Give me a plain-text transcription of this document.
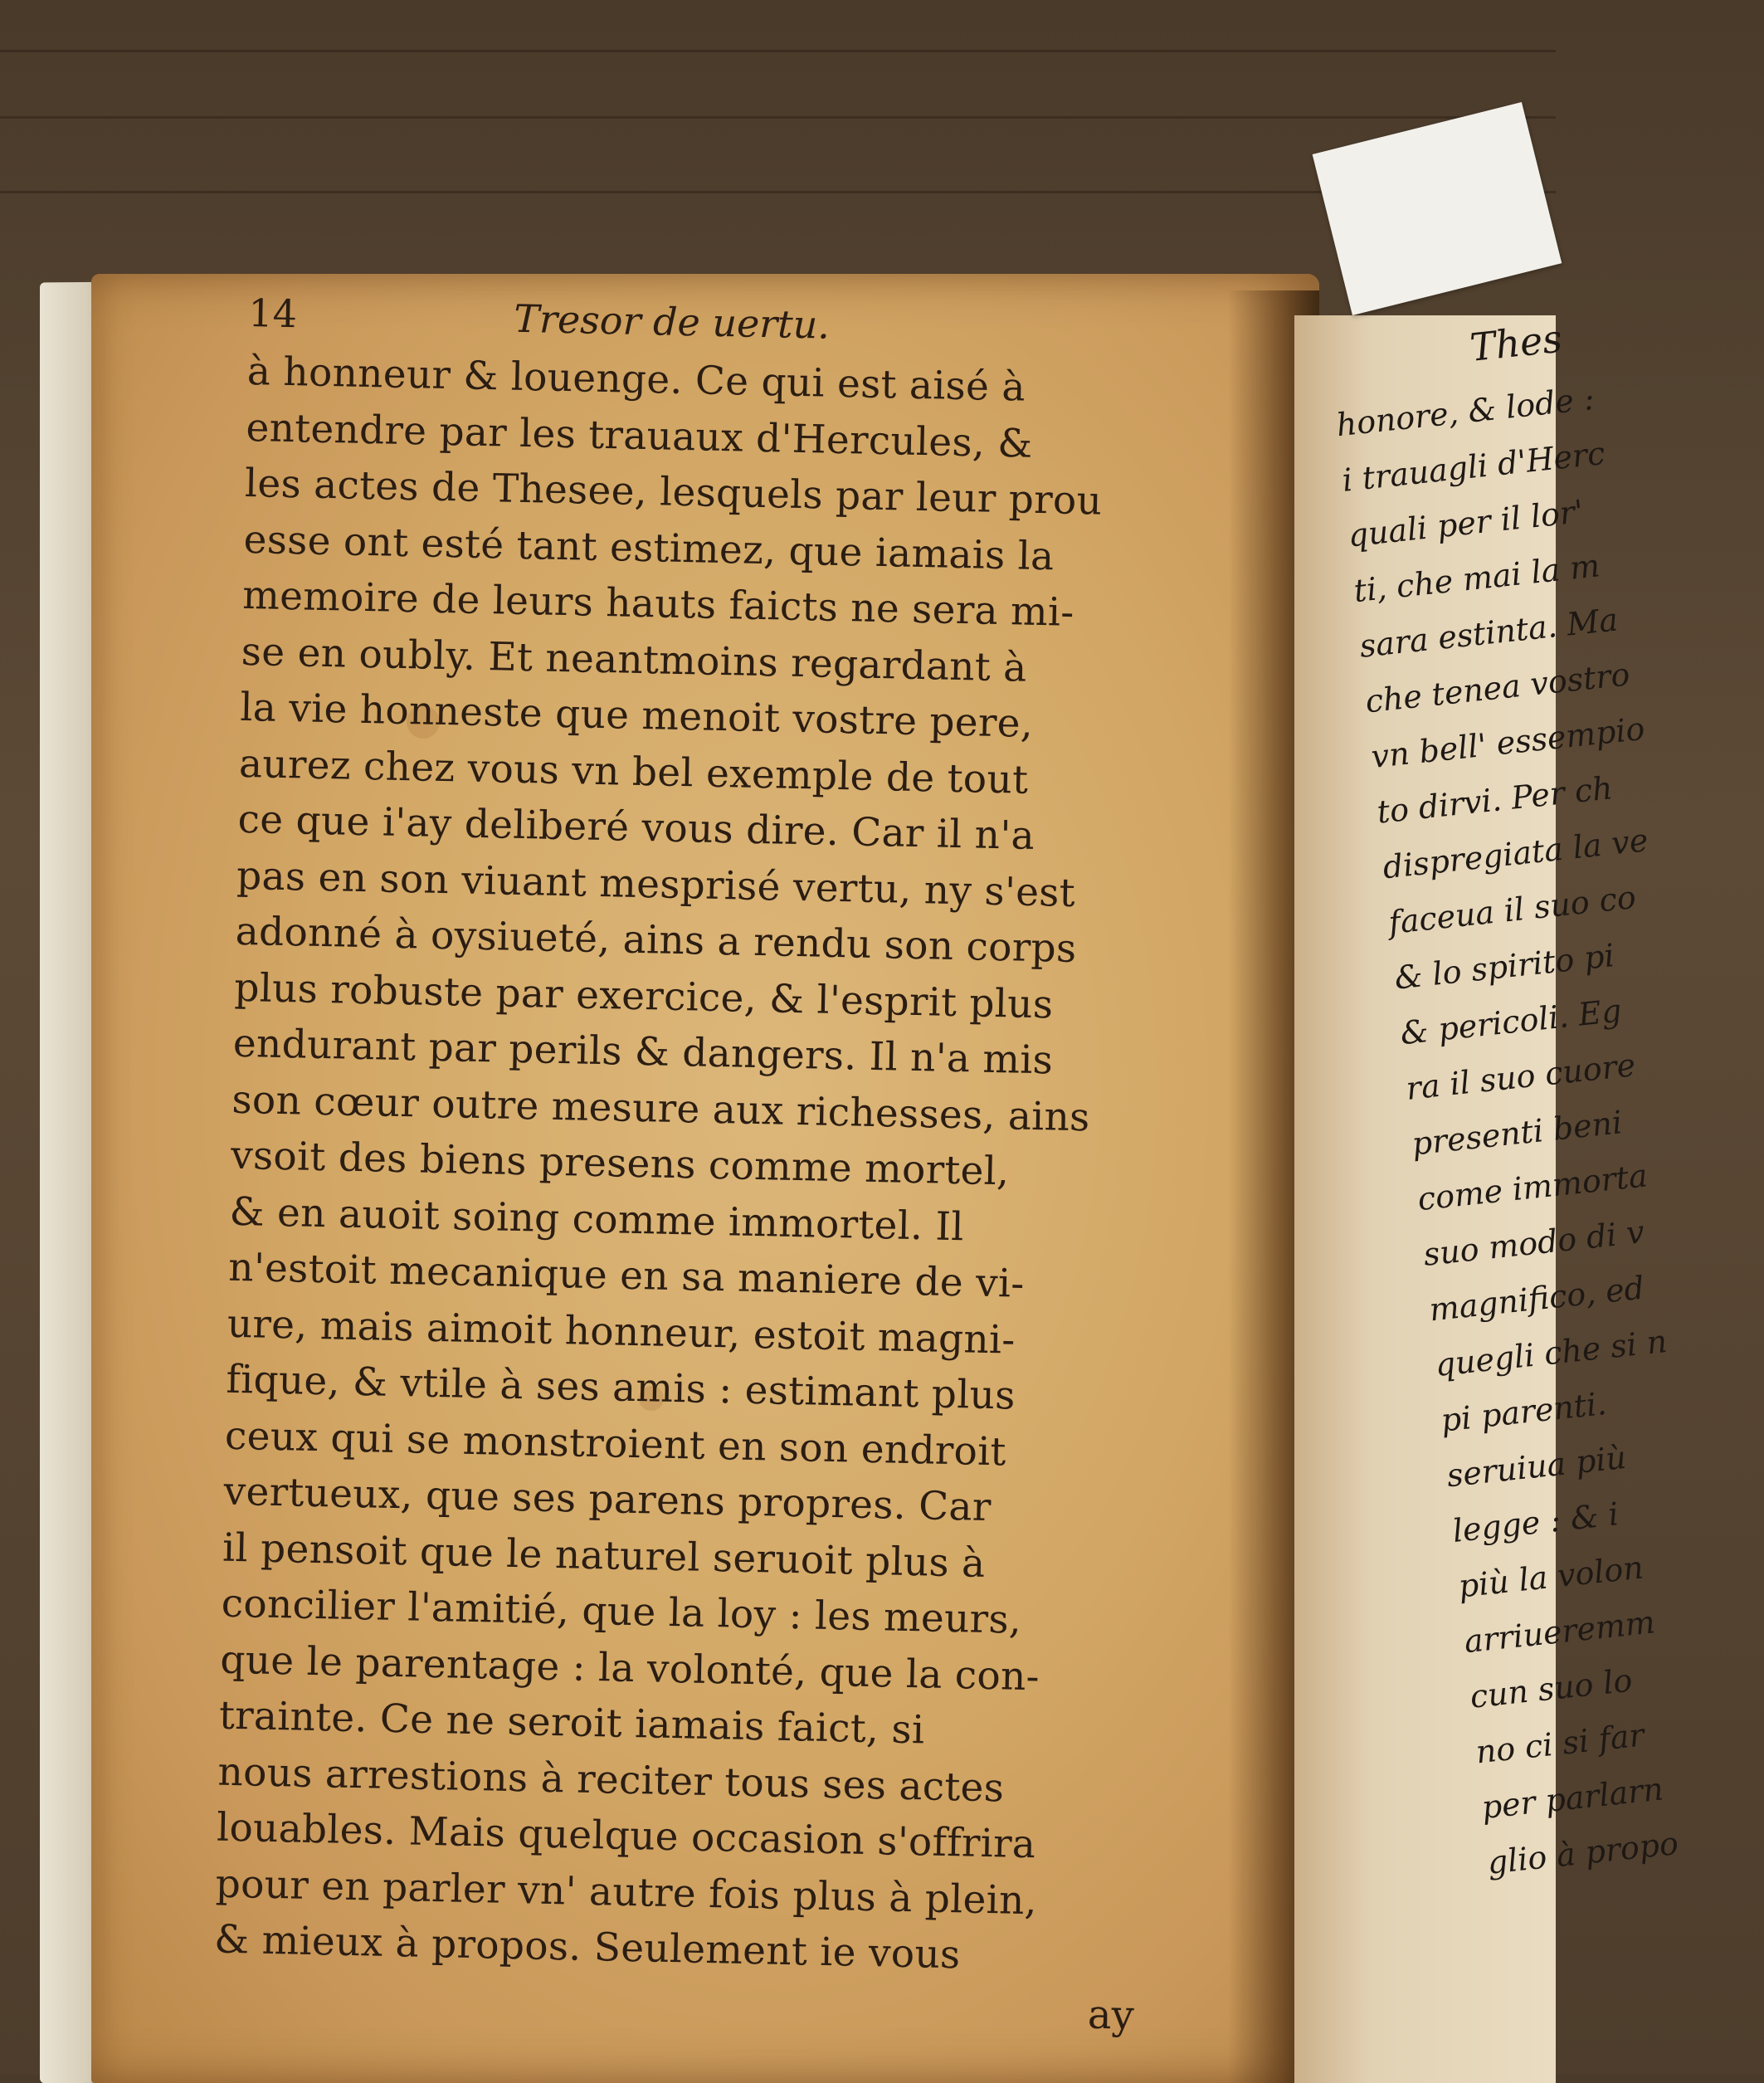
14	Tresor de uertu.
à honneur & louenge. Ce qui est aisé à
entendre par les trauaux d'Hercules, &
les actes de Thesee, lesquels par leur prou
esse ont esté tant estimez, que iamais la
memoire de leurs hauts faicts ne sera mi-
se en oubly. Et neantmoins regardant à
la vie honneste que menoit vostre pere,
aurez chez vous vn bel exemple de tout
ce que i'ay deliberé vous dire. Car il n'a
pas en son viuant mesprisé vertu, ny s'est
adonné à oysiueté, ains a rendu son corps
plus robuste par exercice, & l'esprit plus
endurant par perils & dangers. Il n'a mis
son cœur outre mesure aux richesses, ains
vsoit des biens presens comme mortel,
& en auoit soing comme immortel. Il
n'estoit mecanique en sa maniere de vi-
ure, mais aimoit honneur, estoit magni-
fique, & vtile à ses amis : estimant plus
ceux qui se monstroient en son endroit
vertueux, que ses parens propres. Car
il pensoit que le naturel seruoit plus à
concilier l'amitié, que la loy : les meurs,
que le parentage : la volonté, que la con-
trainte. Ce ne seroit iamais faict, si
nous arrestions à reciter tous ses actes
louables. Mais quelque occasion s'offrira
pour en parler vn' autre fois plus à plein,
& mieux à propos. Seulement ie vous
ay
Thes
honore, & lode :
i trauagli d'Herc
quali per il lor'
ti, che mai la m
sara estinta. Ma
che tenea vostro
vn bell' essempio
to dirvi. Per ch
dispregiata la ve
faceua il suo co
& lo spirito pi
& pericoli. Eg
ra il suo cuore
presenti beni
come immorta
suo modo di v
magnifico, ed
quegli che si n
pi parenti.
seruiua più
legge : & i
più la volon
arriueremm
cun suo lo
no ci si far
per parlarn
glio à propo
